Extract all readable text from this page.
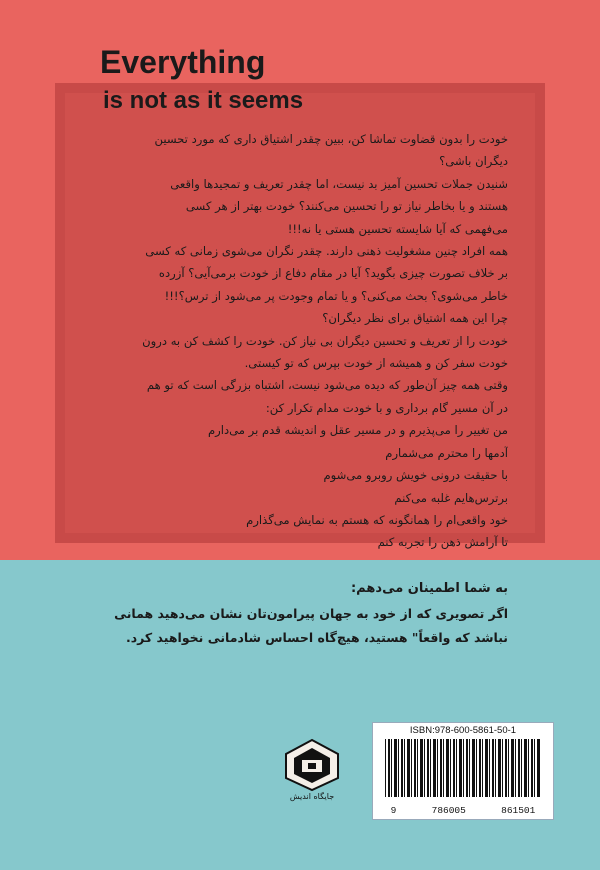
Everything
is not as it seems
خودت را بدون قضاوت تماشا کن، ببین چقدر اشتیاق داری که مورد تحسین
دیگران باشی؟
شنیدن جملات تحسین آمیز بد نیست، اما چقدر تعریف و تمجیدها واقعی
هستند و یا بخاطر نیاز تو را تحسین می‌کنند؟ خودت بهتر از هر کسی
می‌فهمی که آیا شایسته تحسین هستی یا نه!!!
همه افراد چنین مشغولیت ذهنی دارند. چقدر نگران می‌شوی زمانی که کسی
بر خلاف تصورت چیزی بگوید؟ آیا در مقام دفاع از خودت برمی‌آیی؟ آزرده
خاطر می‌شوی؟ بحث می‌کنی؟ و یا تمام وجودت پر می‌شود از ترس؟!!!
چرا این همه اشتیاق برای نظر دیگران؟
خودت را از تعریف و تحسین دیگران بی نیاز کن. خودت را کشف کن به درون
خودت سفر کن و همیشه از خودت بپرس که تو کیستی.
وقتی همه چیز آن‌طور که دیده می‌شود نیست، اشتباه بزرگی است که تو هم
در آن مسیر گام برداری و با خودت مدام تکرار کن:
من تغییر را می‌پذیرم و در مسیر عقل و اندیشه قدم بر می‌دارم
آدمها را محترم می‌شمارم
با حقیقت درونی خویش روبرو می‌شوم
برترس‌هایم غلبه می‌کنم
خود واقعی‌ام را همانگونه که هستم به نمایش می‌گذارم
تا آرامش ذهن را تجربه کنم
به شما اطمینان می‌دهم:
اگر تصویری که از خود به جهان پیرامون‌تان نشان می‌دهید همانی
نباشد که واقعاً" هستید، هیچ‌گاه احساس شادمانی نخواهید کرد.
جایگاه اندیش
ISBN:978-600-5861-50-1
9	786005	861501
